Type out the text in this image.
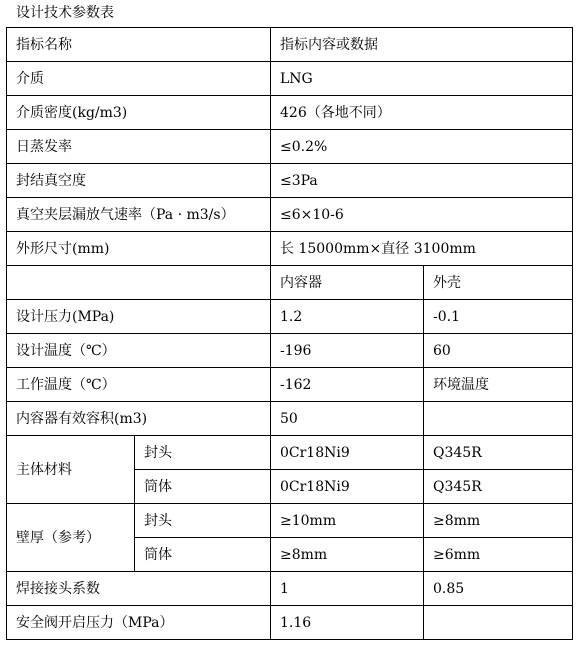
设计技术参数表
指标名称		指标内容或数据	
介质		LNG	
介质密度(kg/m3)		426（各地不同）	
日蒸发率		≤0.2%	
封结真空度		≤3Pa	
真空夹层漏放气速率（Pa · m3/s）		≤6×10-6	
外形尺寸(mm)		长 15000mm×直径 3100mm	
		内容器	外壳
设计压力(MPa)		1.2	-0.1
设计温度（℃）		-196	60
工作温度（℃）		-162	环境温度
内容器有效容积(m3)		50	
主体材料	封头	0Cr18Ni9	Q345R
	筒体	0Cr18Ni9	Q345R
壁厚（参考）	封头	≥10mm	≥8mm
	筒体	≥8mm	≥6mm
焊接接头系数		1	0.85
安全阀开启压力（MPa）		1.16	
